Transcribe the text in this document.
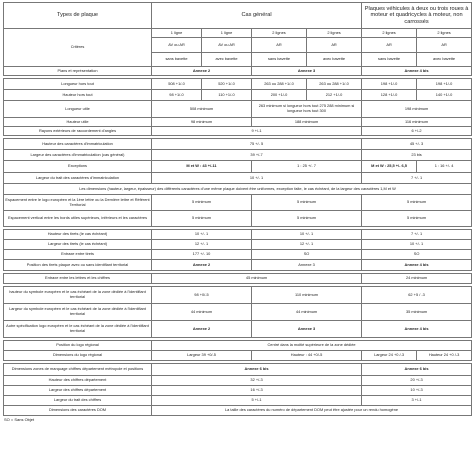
Types de plaque	Cas général				Plaques véhicules à deux ou trois roues à moteur et quadricycles à moteur, non carrossés	
Critères	1 ligne	1 ligne	2 lignes	2 lignes	2 lignes	2 lignes
	AV ou AR	AV ou AR	AR	AR	AR	AR
	sans bavette	avec bavette	sans bavette	avec bavette	sans bavette	avec bavette
Plans et représentation	Annexe 2		Annexe 3		Annexe 4 bis	

Longueur hors tout	508 +1/-0	520 +1/-0	263 ou 288 +1/-0	263 ou 288 +1/-0	198 +1/-0	198 +1/-0
Hauteur hors tout	98 +1/-0	110 +1/-0	200 +1/-0	212 +1/-0	128 +1/-0	140 +1/-0
Longueur utile	508 minimum		263 minimum si longueur hors tout 275 288 minimum si longueur hors tout 300		198 minimum	
Hauteur utile	98 minimum		188 minimum		116 minimum	
Rayons extérieurs de raccordement d'angles	9 +/-1				6 +/-2	

Hauteur des caractères d'immatriculation	75 +/- 5				45 +/- 3	
Largeur des caractères d'immatriculation (cas général)	39 +/-7				23 bis	
Exceptions	M et W : 43 +/-11		1 : 25 +/- 7		M et W : 25,5 +/- 6,5	1 : 16 +/- 4
Largeur du trait des caractères d'immatriculation	10 +/- 1				7 +/- 1	
Les dimensions (hauteur, largeur, épaisseur) des différents caractères d'une même plaque doivent être uniformes, exception faite, le cas échéant, de la largeur des caractères 1,M et W						
Espacement entre le logo européen et la 1ère lettre ou la Dernière lettre et Référent Territorial	5 minimum		5 minimum		5 minimum	
Espacement vertical entre les bords utiles supérieurs, inférieurs et les caractères	5 minimum		5 minimum		5 minimum	

Hauteur des tirets (le cas échéant)	10 +/- 1		10 +/- 1		7 +/- 1	
Largeur des tirets (le cas échéant)	12 +/- 1		12 +/- 1		10 +/- 1	
Entraxe entre tirets	177 +/- 10		SO		SO	
Position des tirets plaque avec ou sans identifiant territorial	Annexe 2		Annexe 3		Annexe 4 bis	

Entraxe entre les lettres et les chiffres	45 minimum				24 minimum	

hauteur du symbole européen et le cas échéant de la zone dédiée à l'identifiant territorial	98 +0/-5		110 minimum		62 +5 / -3	
Largeur du symbole européen et le cas échéant de la zone dédiée à l'identifiant territorial	44 minimum		44 minimum		35 minimum	
Autre spécification logo européen et le cas échéant de la zone dédiée à l'identifiant territorial	Annexe 2		Annexe 3		Annexe 4 bis	

Position du logo régional	Centré dans la moitié supérieure de la zone dédiée					
Dimensions du logo régional	Largeur 39 +0/-5		Hauteur : 44 +0/-5		Largeur 24 +0 /-3	Hauteur 24 +0 /-3

Dimensions zones de marquage chiffres département métropole et positions	Annexe 6 bis				Annexe 6 bis	
Hauteur des chiffres département	32 +/-3				20 +/-3	
Largeur des chiffres département	16 +/-3				10 +/-3	
Largeur du trait des chiffres	5 +/-1				3 +/-1	
Dimensions des caractères DOM	La taille des caractères du numéro de département DOM peut être ajustée pour un rendu homogène					
SO = Sans Objet
